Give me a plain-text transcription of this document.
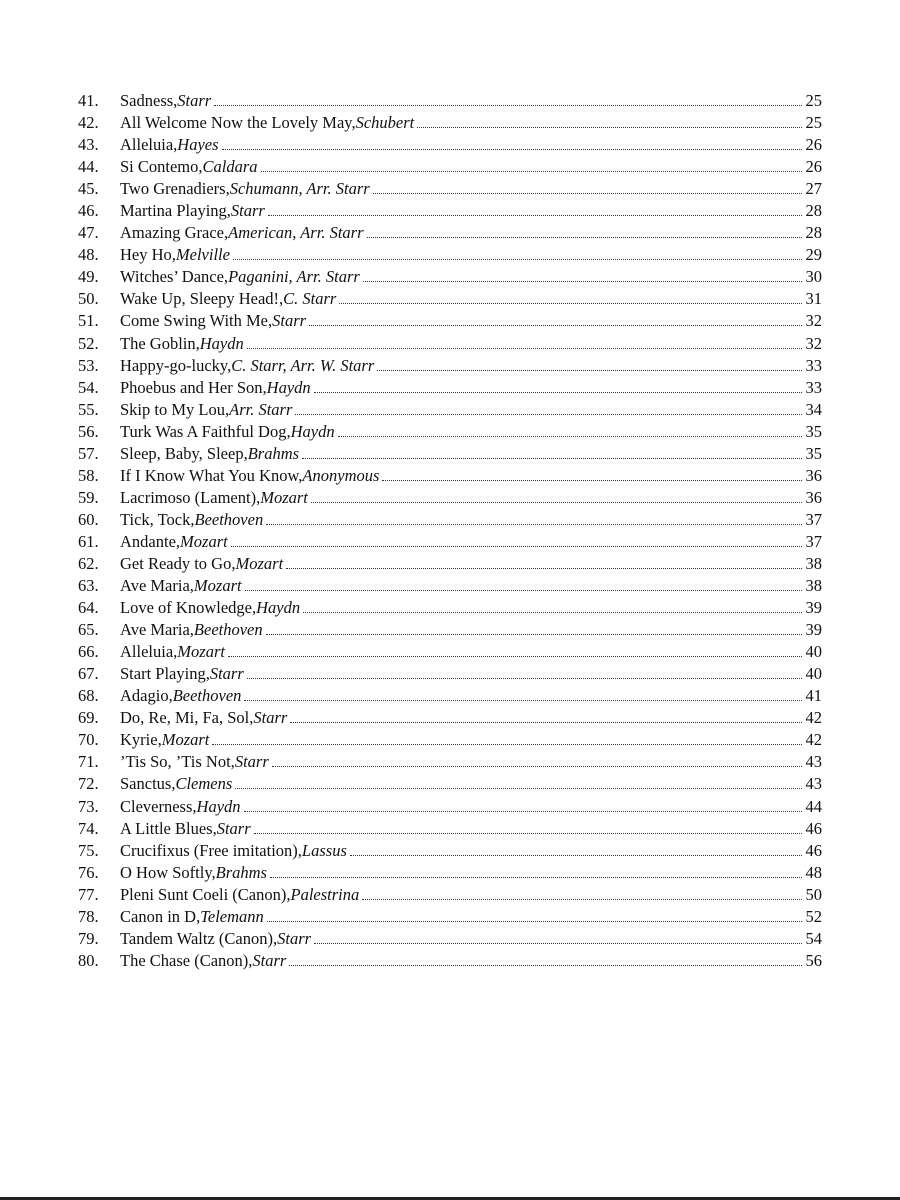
41.	Sadness, Starr	25
42.	All Welcome Now the Lovely May, Schubert	25
43.	Alleluia, Hayes	26
44.	Si Contemo, Caldara	26
45.	Two Grenadiers, Schumann, Arr. Starr	27
46.	Martina Playing, Starr	28
47.	Amazing Grace, American, Arr. Starr	28
48.	Hey Ho, Melville	29
49.	Witches’ Dance, Paganini, Arr. Starr	30
50.	Wake Up, Sleepy Head!, C. Starr	31
51.	Come Swing With Me, Starr	32
52.	The Goblin, Haydn	32
53.	Happy-go-lucky, C. Starr, Arr. W. Starr	33
54.	Phoebus and Her Son, Haydn	33
55.	Skip to My Lou, Arr. Starr	34
56.	Turk Was A Faithful Dog, Haydn	35
57.	Sleep, Baby, Sleep, Brahms	35
58.	If I Know What You Know, Anonymous	36
59.	Lacrimoso (Lament), Mozart	36
60.	Tick, Tock, Beethoven	37
61.	Andante, Mozart	37
62.	Get Ready to Go, Mozart	38
63.	Ave Maria, Mozart	38
64.	Love of Knowledge, Haydn	39
65.	Ave Maria, Beethoven	39
66.	Alleluia, Mozart	40
67.	Start Playing, Starr	40
68.	Adagio, Beethoven	41
69.	Do, Re, Mi, Fa, Sol, Starr	42
70.	Kyrie, Mozart	42
71.	’Tis So, ’Tis Not, Starr	43
72.	Sanctus, Clemens	43
73.	Cleverness, Haydn	44
74.	A Little Blues, Starr	46
75.	Crucifixus (Free imitation), Lassus	46
76.	O How Softly, Brahms	48
77.	Pleni Sunt Coeli (Canon), Palestrina	50
78.	Canon in D, Telemann	52
79.	Tandem Waltz (Canon), Starr	54
80.	The Chase (Canon), Starr	56
